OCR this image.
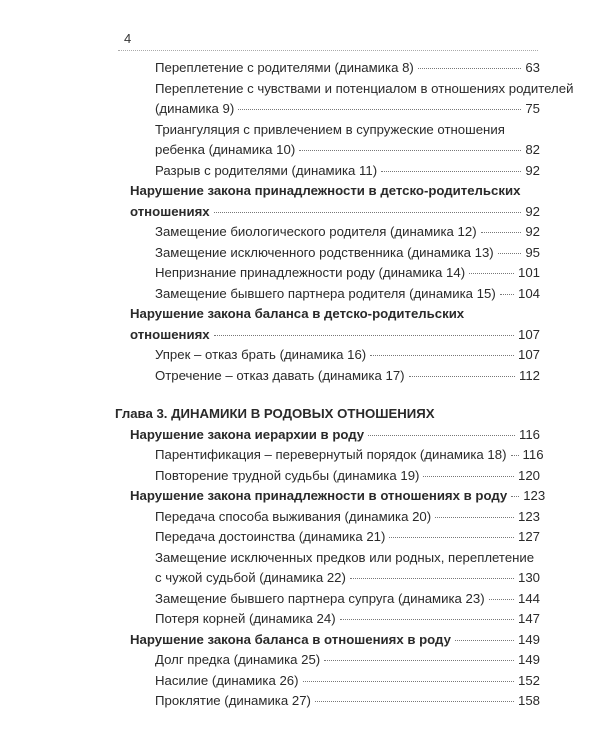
4
Переплетение с родителями (динамика 8)	63
Переплетение с чувствами и потенциалом в отношениях родителей
(динамика 9)	75
Триангуляция с привлечением в супружеские отношения
ребенка (динамика 10)	82
Разрыв с родителями (динамика 11)	92
Нарушение закона принадлежности в детско-родительских
отношениях	92
Замещение биологического родителя (динамика 12)	92
Замещение исключенного родственника (динамика 13) 95
Непризнание принадлежности роду (динамика 14)	101
Замещение бывшего партнера родителя (динамика 15) 104
Нарушение закона баланса в детско-родительских
отношениях	107
Упрек – отказ брать (динамика 16)	107
Отречение – отказ давать (динамика 17)	112
Глава 3. ДИНАМИКИ В РОДОВЫХ ОТНОШЕНИЯХ
Нарушение закона иерархии в роду	116
Парентификация – перевернутый порядок (динамика 18) 116
Повторение трудной судьбы (динамика 19)	120
Нарушение закона принадлежности в отношениях в роду 123
Передача способа выживания (динамика 20)	123
Передача достоинства (динамика 21)	127
Замещение исключенных предков или родных, переплетение
с чужой судьбой (динамика 22)	130
Замещение бывшего партнера супруга (динамика 23)	144
Потеря корней (динамика 24)	147
Нарушение закона баланса в отношениях в роду	149
Долг предка (динамика 25)	149
Насилие (динамика 26)	152
Проклятие (динамика 27)	158
